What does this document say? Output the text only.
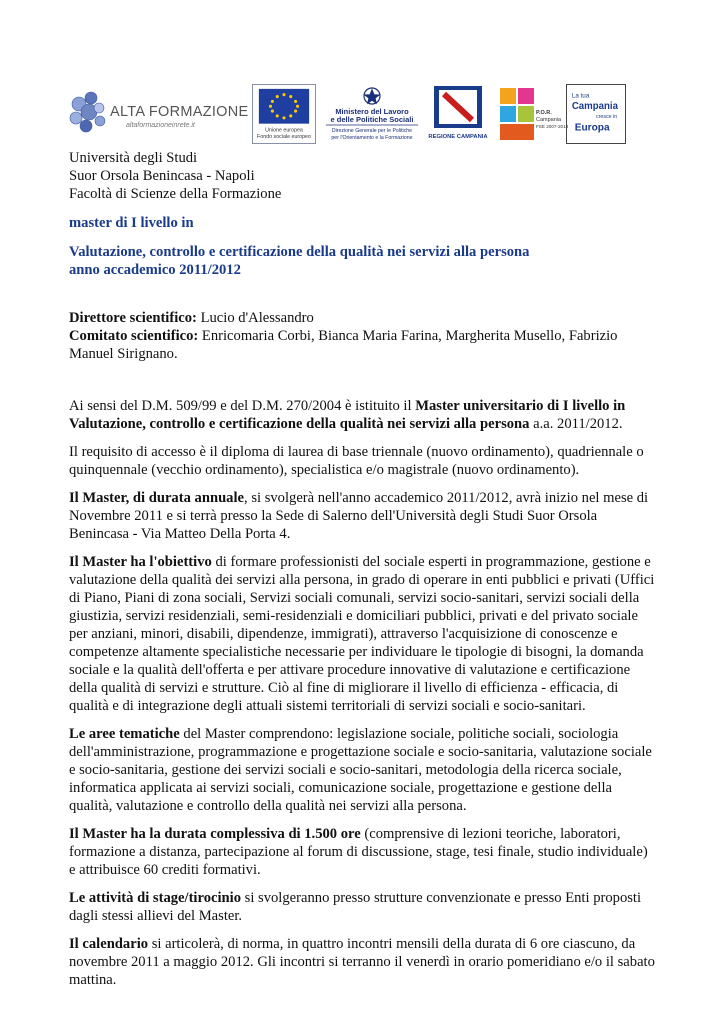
ALTA FORMAZIONE
altaformazioneinrete.it
Unione europea
Fondo sociale europeo
Ministero del Lavoro
e delle Politiche Sociali
Direzione Generale per le Politiche
per l'Orientamento e la Formazione	REGIONE CAMPANIA
P.O.R.
Campania
FSE 2007-2013
La tua
Campania
cresce in
Europa

Università degli Studi

Suor Orsola Benincasa - Napoli

Facoltà di Scienze della Formazione

master di I livello in

Valutazione, controllo e certificazione della qualità nei servizi alla persona

anno accademico 2011/2012

Direttore scientifico: Lucio d'Alessandro

Comitato scientifico: Enricomaria Corbi, Bianca Maria Farina, Margherita Musello, Fabrizio Manuel Sirignano.

Ai sensi del D.M. 509/99 e del D.M. 270/2004 è istituito il Master universitario di I livello in Valutazione, controllo e certificazione della qualità nei servizi alla persona a.a. 2011/2012.

Il requisito di accesso è il diploma di laurea di base triennale (nuovo ordinamento), quadriennale o quinquennale (vecchio ordinamento), specialistica e/o magistrale (nuovo ordinamento).

Il Master, di durata annuale, si svolgerà nell'anno accademico 2011/2012, avrà inizio nel mese di Novembre 2011 e si terrà presso la Sede di Salerno dell'Università degli Studi Suor Orsola Benincasa - Via Matteo Della Porta 4.

Il Master ha l'obiettivo di formare professionisti del sociale esperti in programmazione, gestione e valutazione della qualità dei servizi alla persona, in grado di operare in enti pubblici e privati (Uffici di Piano, Piani di zona sociali, Servizi sociali comunali, servizi socio-sanitari, servizi sociali della giustizia, servizi residenziali, semi-residenziali e domiciliari pubblici, privati e del privato sociale per anziani, minori, disabili, dipendenze, immigrati), attraverso l'acquisizione di conoscenze e competenze altamente specialistiche necessarie per individuare le tipologie di bisogni, la domanda sociale e la qualità dell'offerta e per attivare procedure innovative di valutazione e certificazione della qualità di servizi e strutture. Ciò al fine di migliorare il livello di efficienza - efficacia, di qualità e di integrazione degli attuali sistemi territoriali di servizi sociali e socio-sanitari.

Le aree tematiche del Master comprendono: legislazione sociale, politiche sociali, sociologia dell'amministrazione, programmazione e progettazione sociale e socio-sanitaria, valutazione sociale e socio-sanitaria, gestione dei servizi sociali e socio-sanitari, metodologia della ricerca sociale, informatica applicata ai servizi sociali, comunicazione sociale, progettazione e gestione della qualità, valutazione e controllo della qualità nei servizi alla persona.

Il Master ha la durata complessiva di 1.500 ore (comprensive di lezioni teoriche, laboratori, formazione a distanza, partecipazione al forum di discussione, stage, tesi finale, studio individuale) e attribuisce 60 crediti formativi.

Le attività di stage/tirocinio si svolgeranno presso strutture convenzionate e presso Enti proposti dagli stessi allievi del Master.

Il calendario si articolerà, di norma, in quattro incontri mensili della durata di 6 ore ciascuno, da novembre 2011 a maggio 2012. Gli incontri si terranno il venerdì in orario pomeridiano e/o il sabato mattina.
